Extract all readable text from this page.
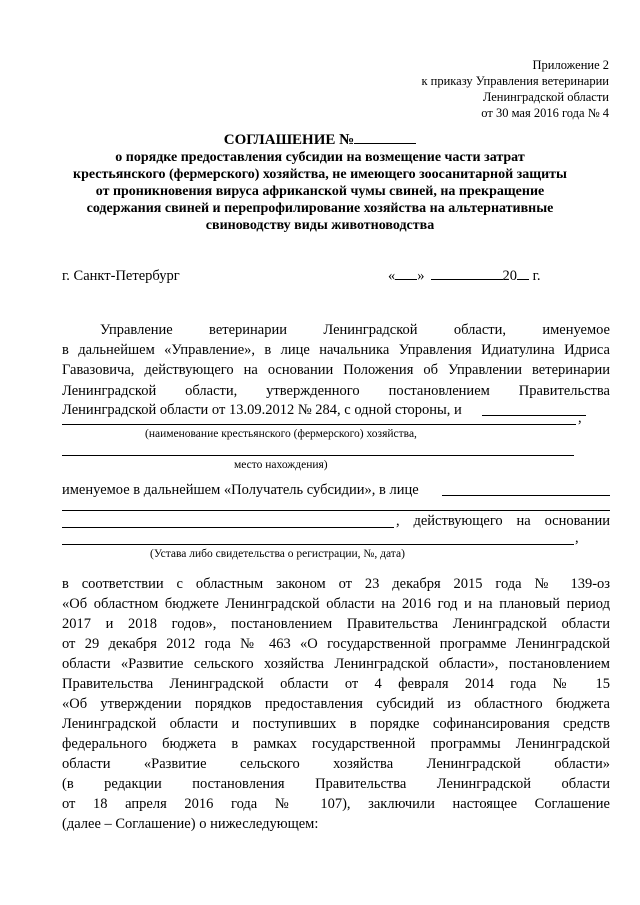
Приложение 2
к приказу Управления ветеринарии
Ленинградской области
от 30 мая 2016 года № 4
СОГЛАШЕНИЕ №
о порядке предоставления субсидии на возмещение части затрат
крестьянского (фермерского) хозяйства, не имеющего зоосанитарной защиты
от проникновения вируса африканской чумы свиней, на прекращение
содержания свиней и перепрофилирование хозяйства на альтернативные
свиноводству виды животноводства
г. Санкт-Петербург	« »	20 г.
Управление ветеринарии Ленинградской области, именуемое
в дальнейшем «Управление», в лице начальника Управления Идиатулина Идриса
Гавазовича, действующего на основании Положения об Управлении ветеринарии
Ленинградской области, утвержденного постановлением Правительства
Ленинградской области от 13.09.2012 № 284, с одной стороны, и	,
(наименование крестьянского (фермерского) хозяйства,
место нахождения)
именуемое в дальнейшем «Получатель субсидии», в лице
, действующего на основании
,
(Устава либо свидетельства о регистрации, №, дата)
в соответствии с областным законом от 23 декабря 2015 года № 139-оз
«Об областном бюджете Ленинградской области на 2016 год и на плановый период
2017 и 2018 годов», постановлением Правительства Ленинградской области
от 29 декабря 2012 года № 463 «О государственной программе Ленинградской
области «Развитие сельского хозяйства Ленинградской области», постановлением
Правительства Ленинградской области от 4 февраля 2014 года № 15
«Об утверждении порядков предоставления субсидий из областного бюджета
Ленинградской области и поступивших в порядке софинансирования средств
федерального бюджета в рамках государственной программы Ленинградской
области «Развитие сельского хозяйства Ленинградской области»
(в редакции постановления Правительства Ленинградской области
от 18 апреля 2016 года № 107), заключили настоящее Соглашение
(далее – Соглашение) о нижеследующем:
